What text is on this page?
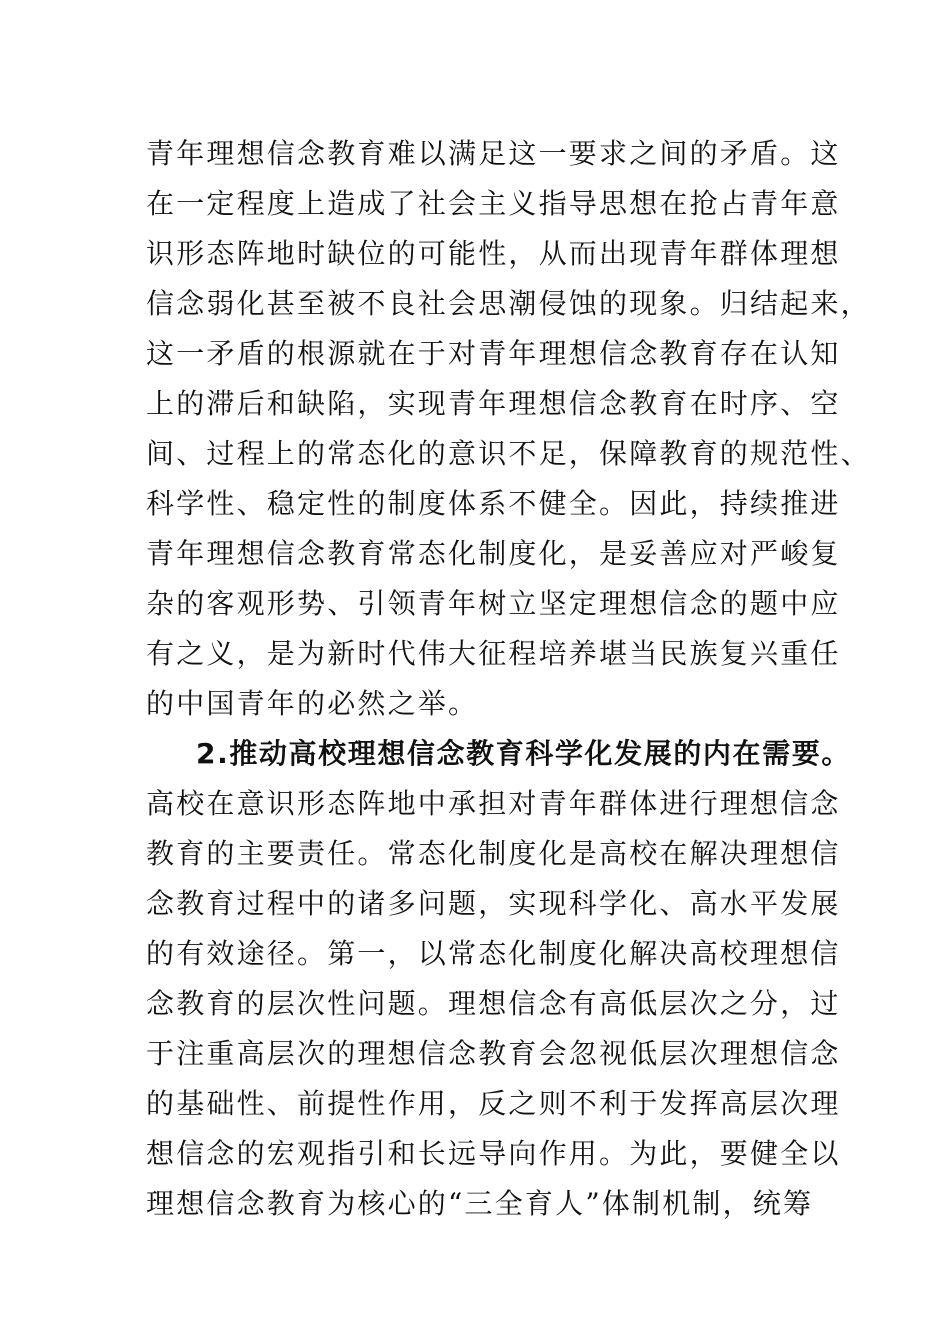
青年理想信念教育难以满足这一要求之间的矛盾。这
在一定程度上造成了社会主义指导思想在抢占青年意
识形态阵地时缺位的可能性，从而出现青年群体理想
信念弱化甚至被不良社会思潮侵蚀的现象。归结起来，
这一矛盾的根源就在于对青年理想信念教育存在认知
上的滞后和缺陷，实现青年理想信念教育在时序、空
间、过程上的常态化的意识不足，保障教育的规范性、
科学性、稳定性的制度体系不健全。因此，持续推进
青年理想信念教育常态化制度化，是妥善应对严峻复
杂的客观形势、引领青年树立坚定理想信念的题中应
有之义，是为新时代伟大征程培养堪当民族复兴重任
的中国青年的必然之举。
2.推动高校理想信念教育科学化发展的内在需要。
高校在意识形态阵地中承担对青年群体进行理想信念
教育的主要责任。常态化制度化是高校在解决理想信
念教育过程中的诸多问题，实现科学化、高水平发展
的有效途径。第一，以常态化制度化解决高校理想信
念教育的层次性问题。理想信念有高低层次之分，过
于注重高层次的理想信念教育会忽视低层次理想信念
的基础性、前提性作用，反之则不利于发挥高层次理
想信念的宏观指引和长远导向作用。为此，要健全以
理想信念教育为核心的“三全育人”体制机制，统筹
